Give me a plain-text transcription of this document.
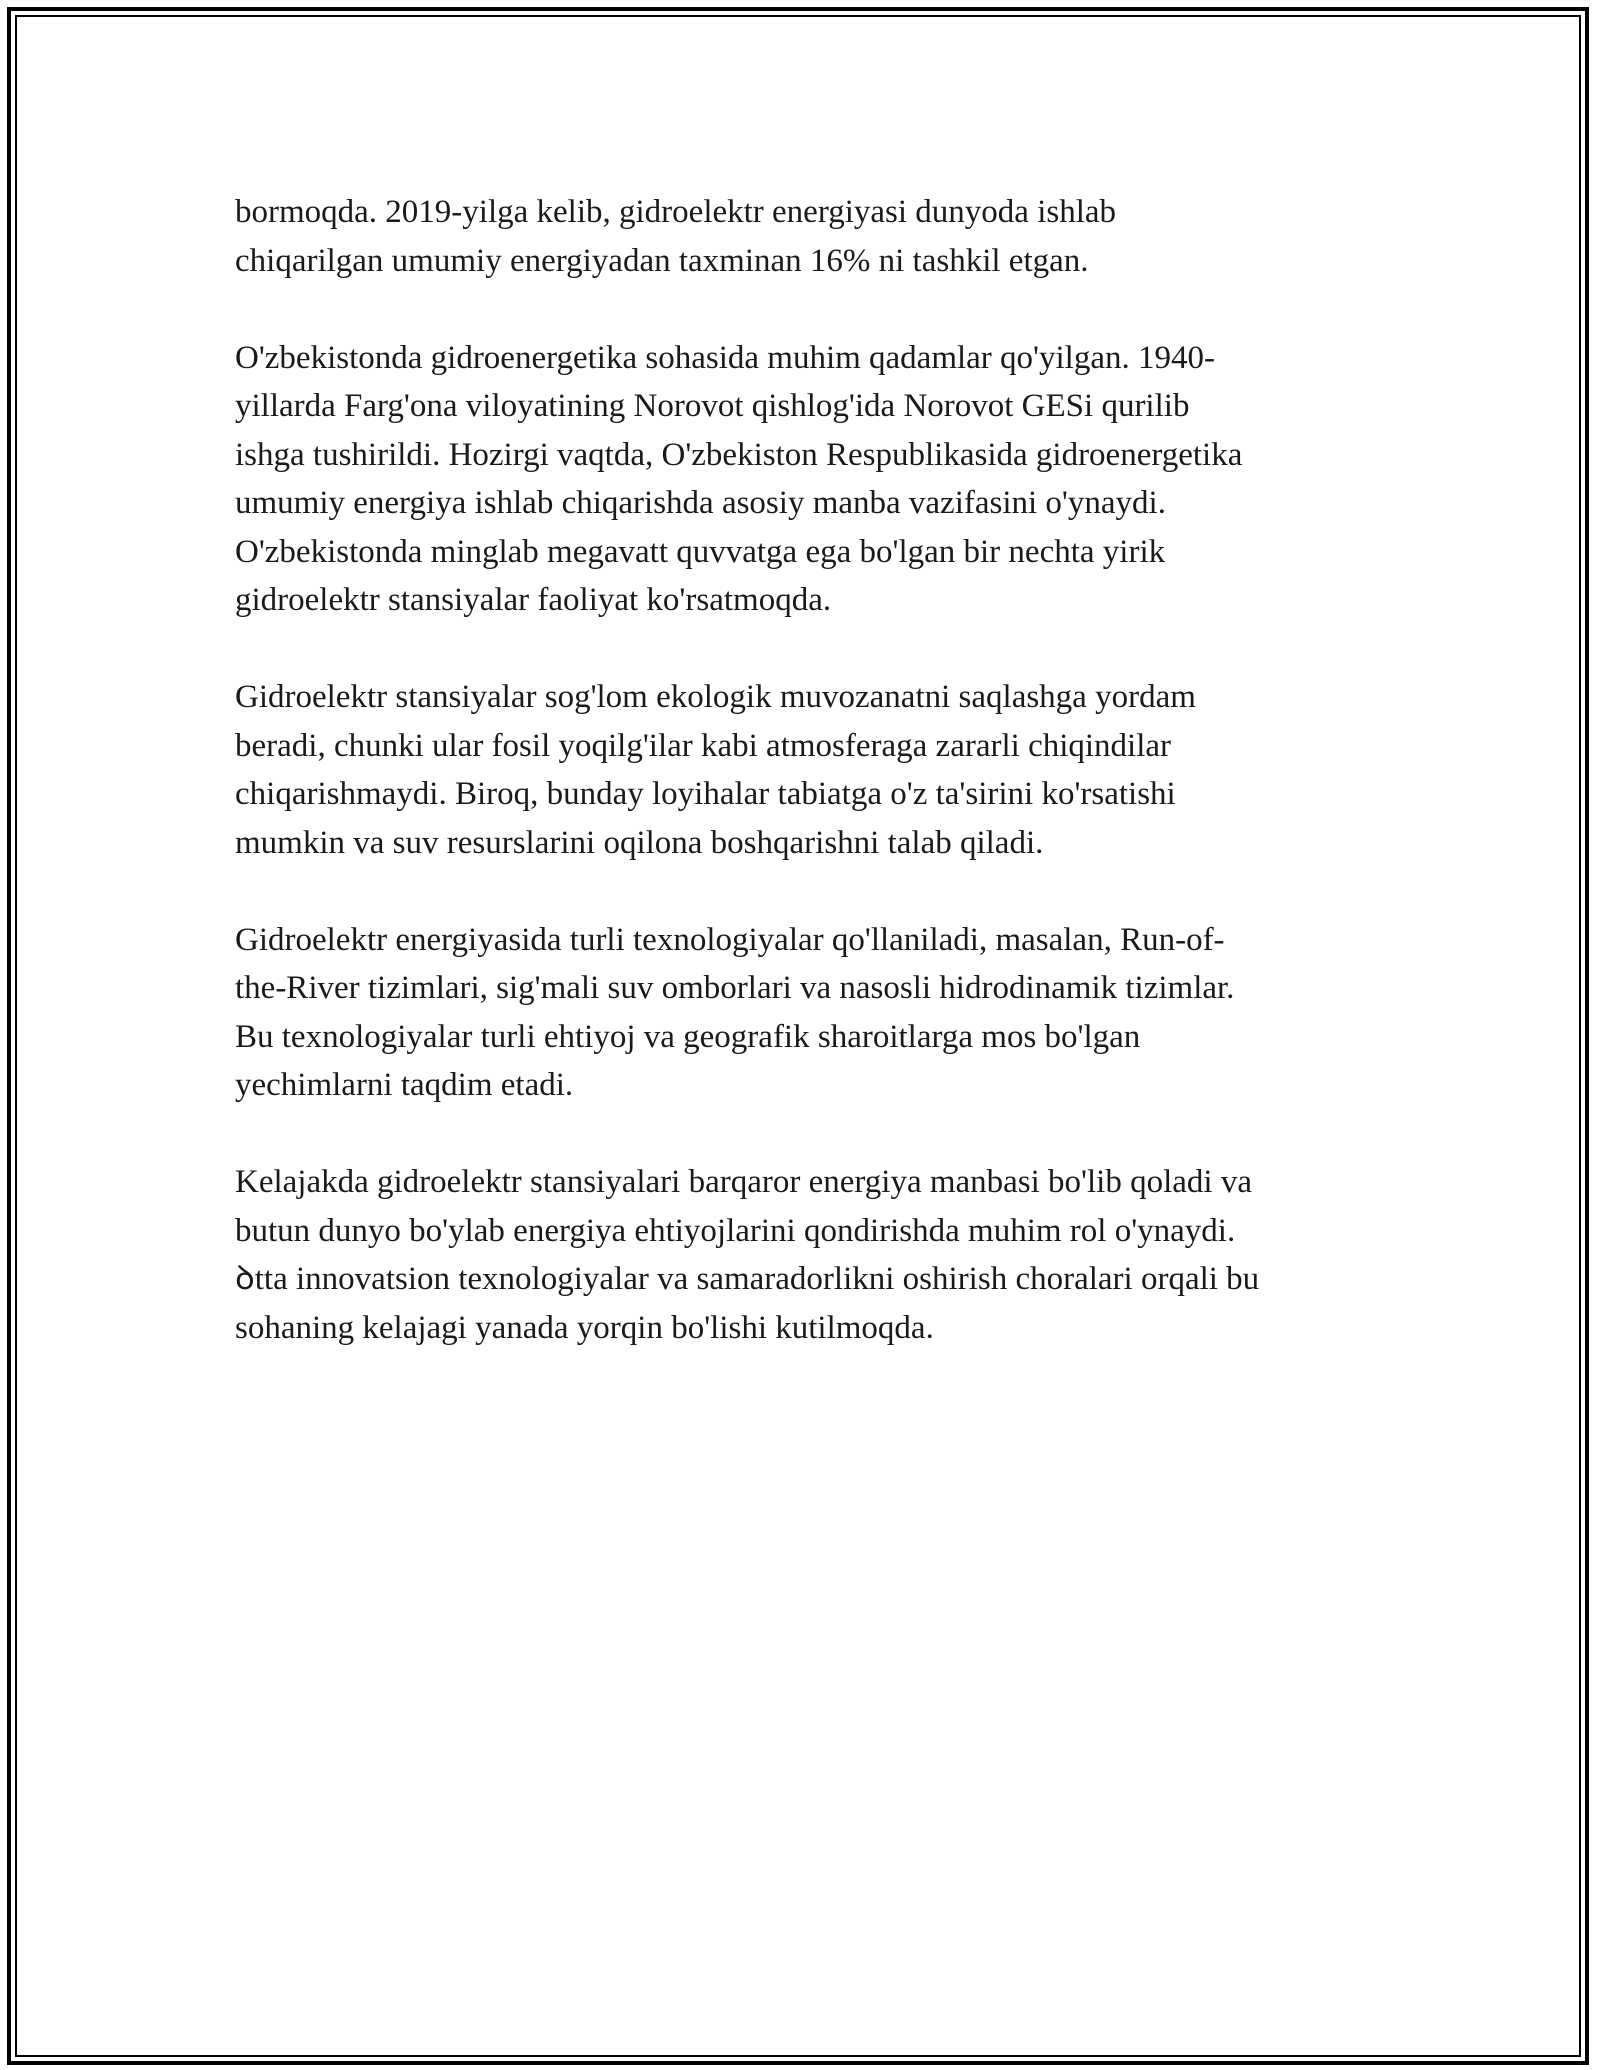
bormoqda. 2019-yilga kelib, gidroelektr energiyasi dunyoda ishlab
chiqarilgan umumiy energiyadan taxminan 16% ni tashkil etgan.

O'zbekistonda gidroenergetika sohasida muhim qadamlar qo'yilgan. 1940-
yillarda Farg'ona viloyatining Norovot qishlog'ida Norovot GESi qurilib
ishga tushirildi. Hozirgi vaqtda, O'zbekiston Respublikasida gidroenergetika
umumiy energiya ishlab chiqarishda asosiy manba vazifasini o'ynaydi.
O'zbekistonda minglab megavatt quvvatga ega bo'lgan bir nechta yirik
gidroelektr stansiyalar faoliyat ko'rsatmoqda.

Gidroelektr stansiyalar sog'lom ekologik muvozanatni saqlashga yordam
beradi, chunki ular fosil yoqilg'ilar kabi atmosferaga zararli chiqindilar
chiqarishmaydi. Biroq, bunday loyihalar tabiatga o'z ta'sirini ko'rsatishi
mumkin va suv resurslarini oqilona boshqarishni talab qiladi.

Gidroelektr energiyasida turli texnologiyalar qo'llaniladi, masalan, Run-of-
the-River tizimlari, sig'mali suv omborlari va nasosli hidrodinamik tizimlar.
Bu texnologiyalar turli ehtiyoj va geografik sharoitlarga mos bo'lgan
yechimlarni taqdim etadi.

Kelajakda gidroelektr stansiyalari barqaror energiya manbasi bo'lib qoladi va
butun dunyo bo'ylab energiya ehtiyojlarini qondirishda muhim rol o'ynaydi.
ꝺtta innovatsion texnologiyalar va samaradorlikni oshirish choralari orqali bu
sohaning kelajagi yanada yorqin bo'lishi kutilmoqda.
